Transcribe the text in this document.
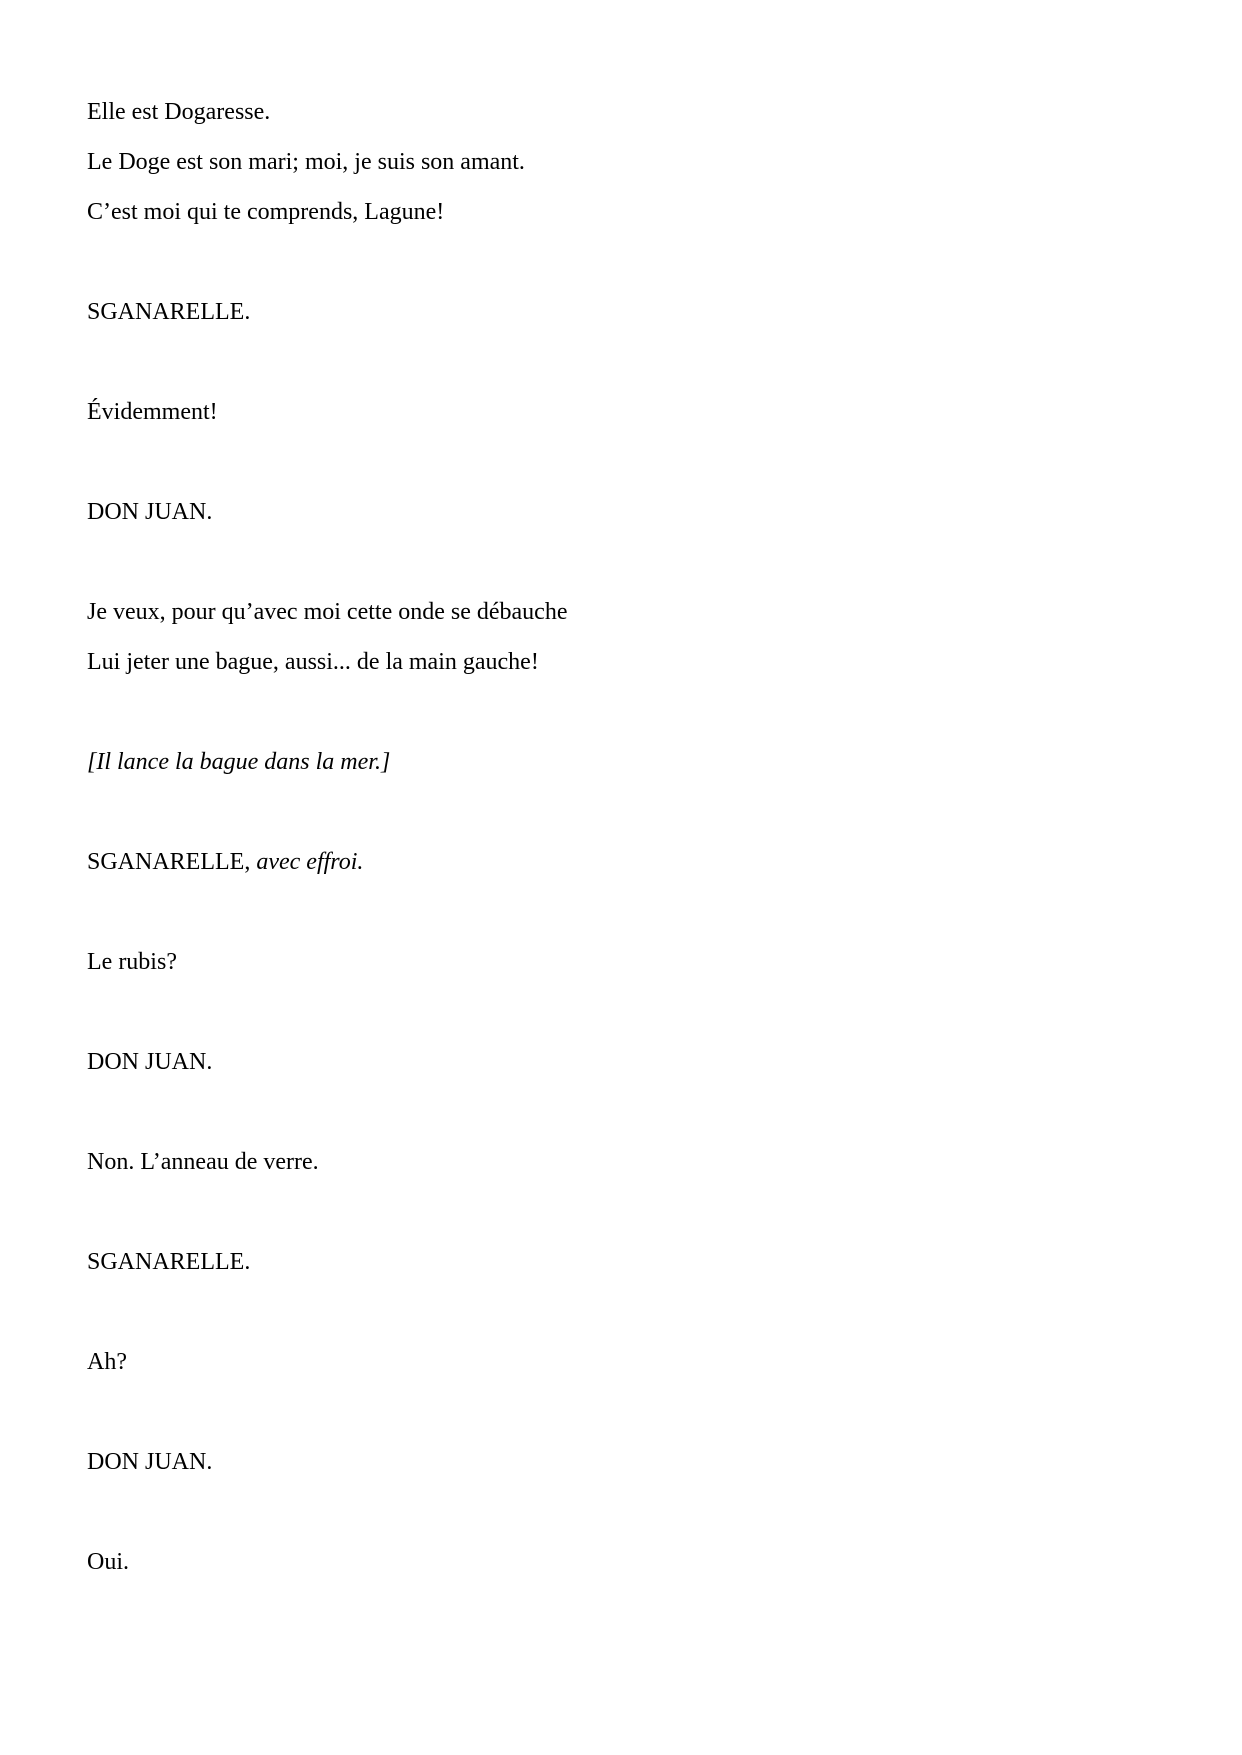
Elle est Dogaresse.
Le Doge est son mari; moi, je suis son amant.
C’est moi qui te comprends, Lagune!
SGANARELLE.
Évidemment!
DON JUAN.
Je veux, pour qu’avec moi cette onde se débauche
Lui jeter une bague, aussi... de la main gauche!
[Il lance la bague dans la mer.]
SGANARELLE, avec effroi.
Le rubis?
DON JUAN.
Non. L’anneau de verre.
SGANARELLE.
Ah?
DON JUAN.
Oui.
